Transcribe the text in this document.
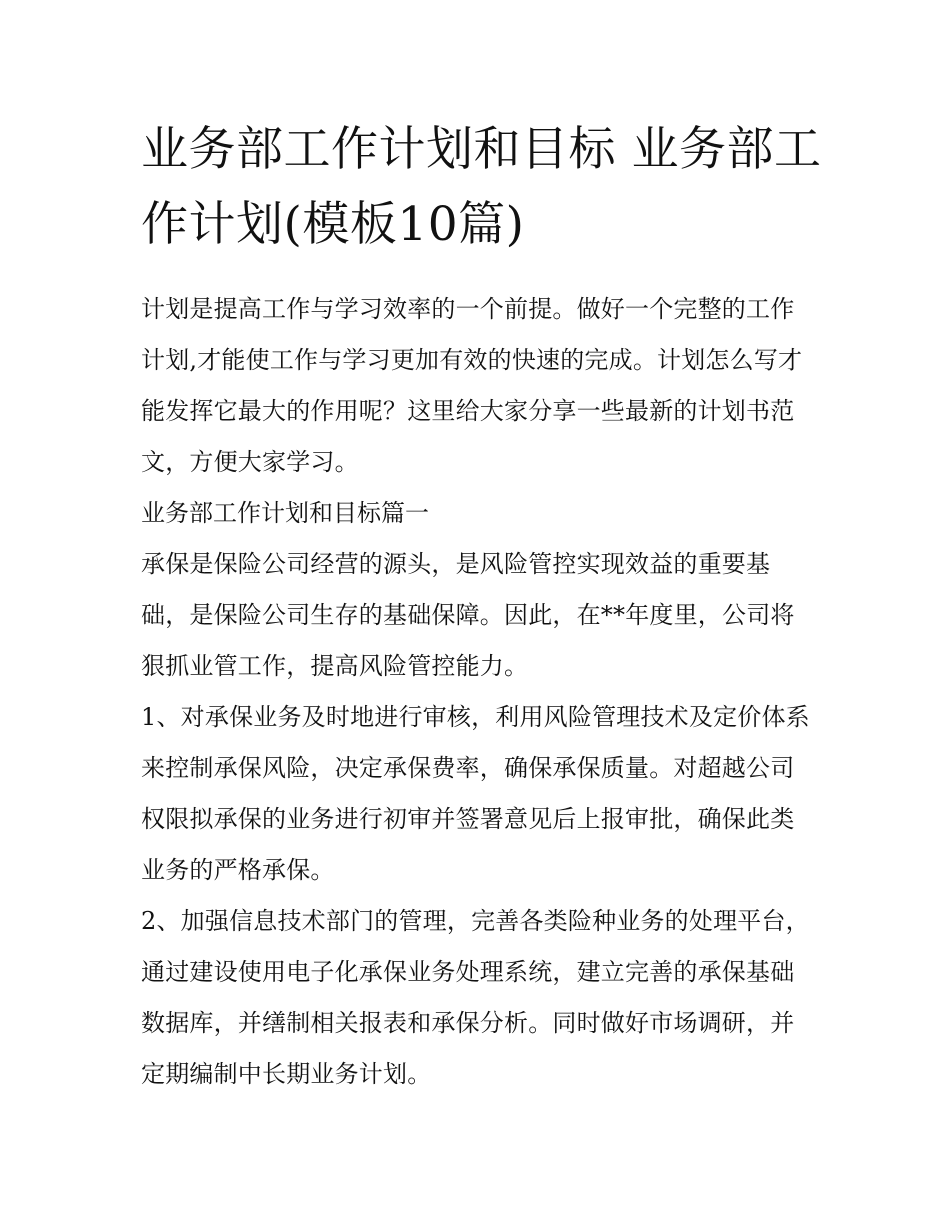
业务部工作计划和目标 业务部工作计划(模板10篇)

计划是提高工作与学习效率的一个前提。做好一个完整的工作计划,才能使工作与学习更加有效的快速的完成。计划怎么写才能发挥它最大的作用呢？这里给大家分享一些最新的计划书范文，方便大家学习。

业务部工作计划和目标篇一

承保是保险公司经营的源头，是风险管控实现效益的重要基础，是保险公司生存的基础保障。因此，在**年度里，公司将狠抓业管工作，提高风险管控能力。

1、对承保业务及时地进行审核，利用风险管理技术及定价体系来控制承保风险，决定承保费率，确保承保质量。对超越公司权限拟承保的业务进行初审并签署意见后上报审批，确保此类业务的严格承保。

2、加强信息技术部门的管理，完善各类险种业务的处理平台，通过建设使用电子化承保业务处理系统，建立完善的承保基础数据库，并缮制相关报表和承保分析。同时做好市场调研，并定期编制中长期业务计划。
